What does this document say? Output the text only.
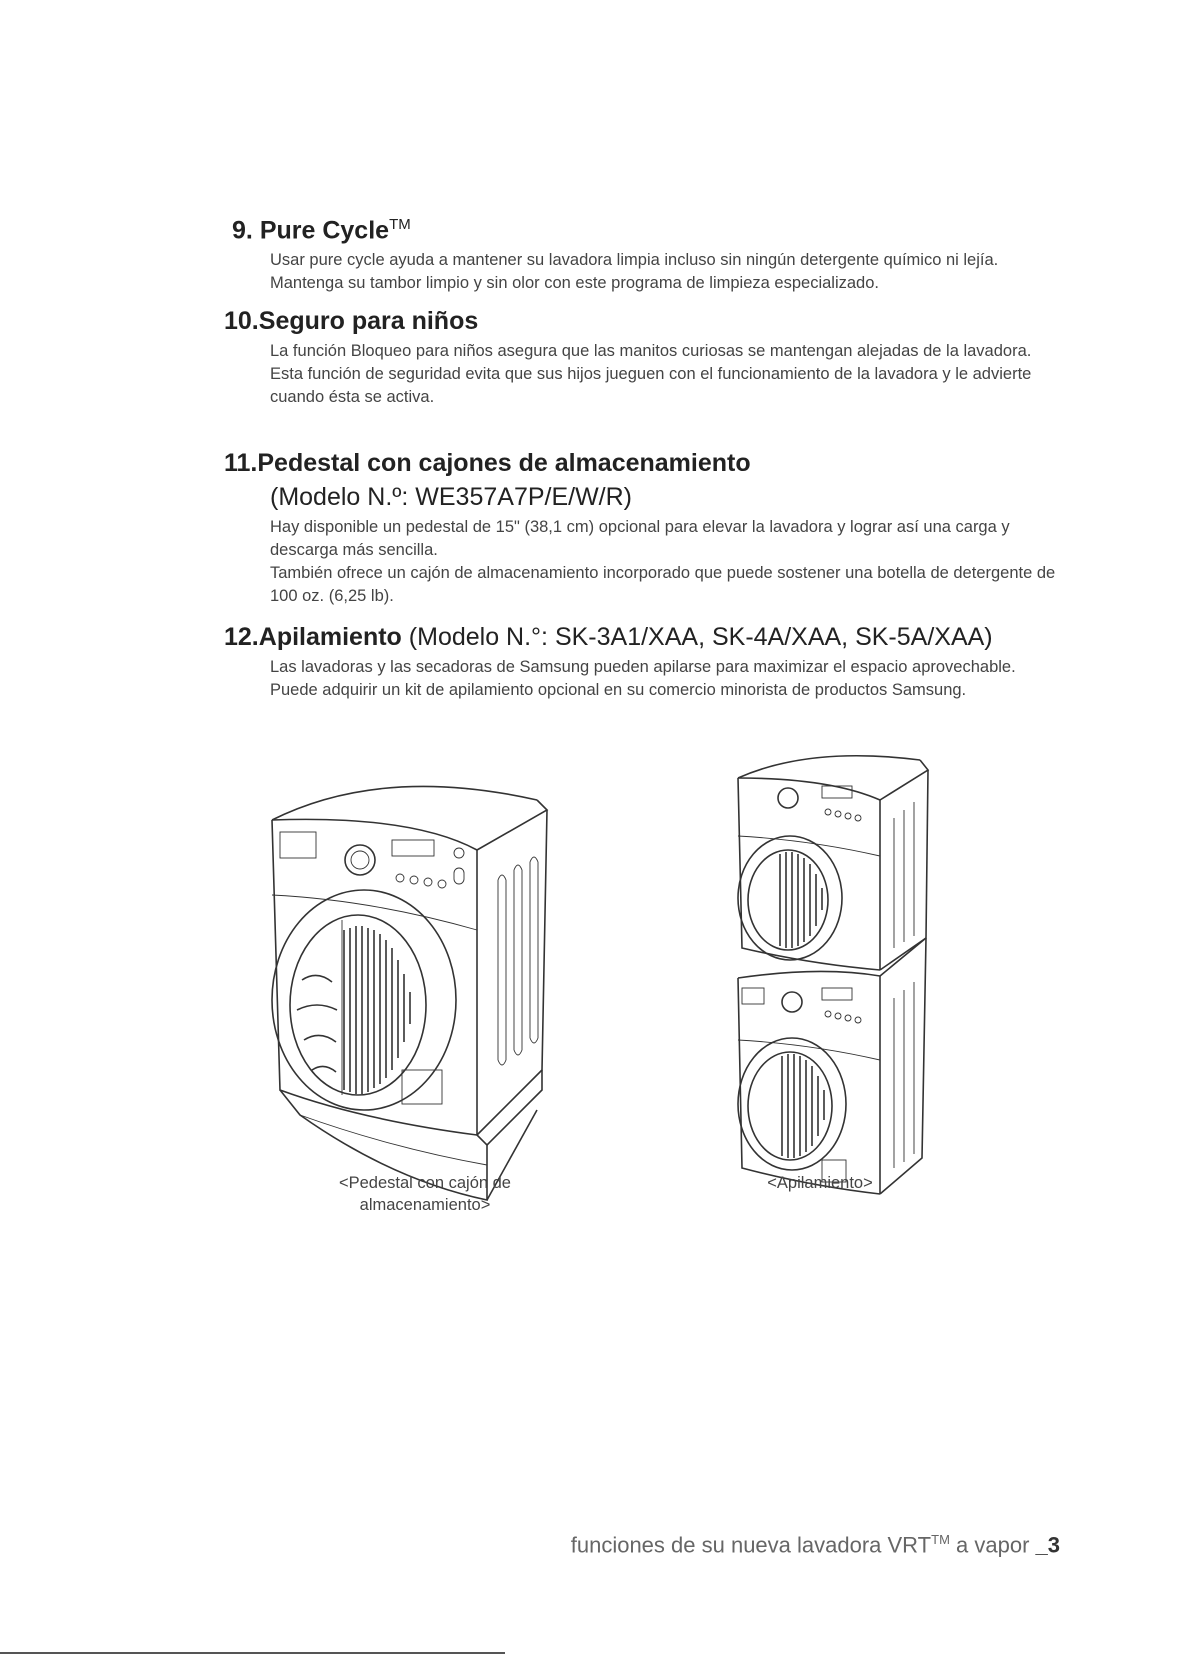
9. Pure Cycle™

Usar pure cycle ayuda a mantener su lavadora limpia incluso sin ningún detergente químico ni lejía. Mantenga su tambor limpio y sin olor con este programa de limpieza especializado.

10.Seguro para niños

La función Bloqueo para niños asegura que las manitos curiosas se mantengan alejadas de la lavadora.

Esta función de seguridad evita que sus hijos jueguen con el funcionamiento de la lavadora y le advierte cuando ésta se activa.

11.Pedestal con cajones de almacenamiento
(Modelo N.º: WE357A7P/E/W/R)

Hay disponible un pedestal de 15" (38,1 cm) opcional para elevar la lavadora y lograr así una carga y descarga más sencilla.

También ofrece un cajón de almacenamiento incorporado que puede sostener una botella de detergente de 100 oz. (6,25 lb).

12.Apilamiento (Modelo N.°: SK-3A1/XAA, SK-4A/XAA, SK-5A/XAA)

Las lavadoras y las secadoras de Samsung pueden apilarse para maximizar el espacio aprovechable. Puede adquirir un kit de apilamiento opcional en su comercio minorista de productos Samsung.

<Pedestal con cajón de
almacenamiento>
<Apilamiento>
funciones de su nueva lavadora VRT™ a vapor _3
